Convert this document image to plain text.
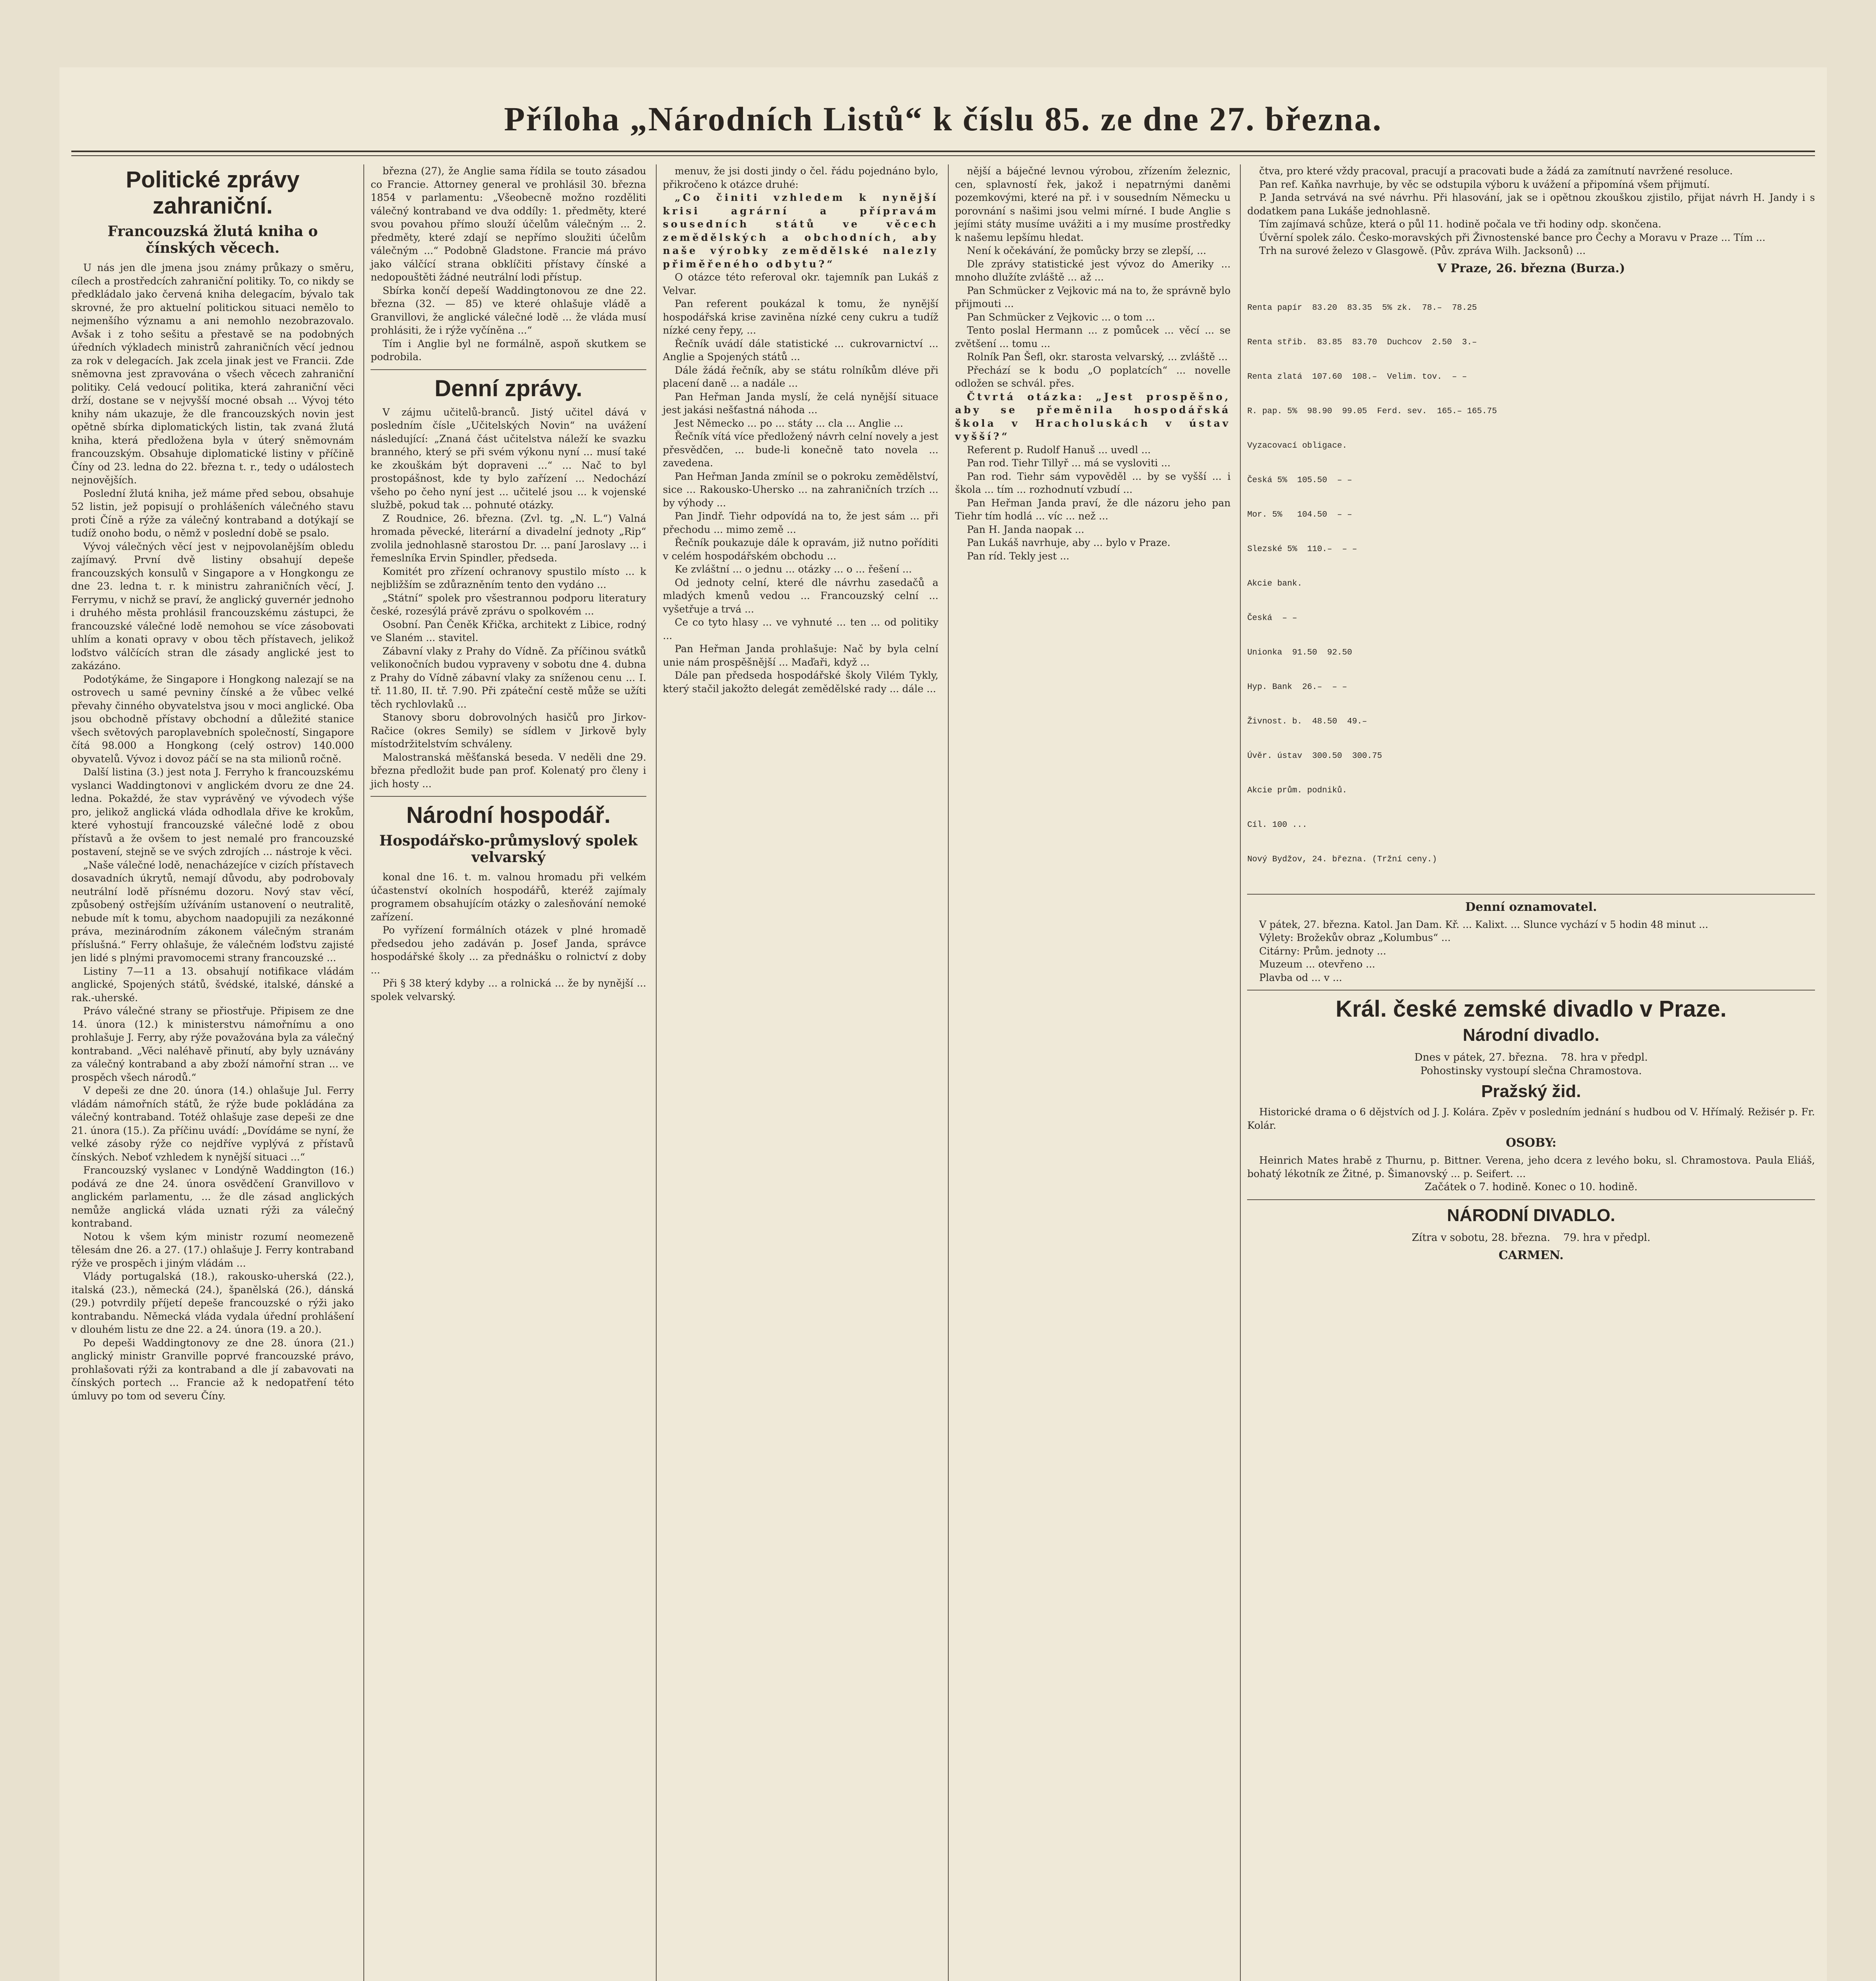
Příloha „Národních Listů“ k číslu 85. ze dne 27. března.
Politické zprávy zahraniční.
Francouzská žlutá kniha o čínských věcech.

U nás jen dle jmena jsou známy průkazy o směru, cílech a prostředcích zahraniční politiky. To, co nikdy se předkládalo jako červená kniha delegacím, bývalo tak skrovné, že pro aktuelní politickou situaci nemělo to nejmenšího významu a ani nemohlo nezobrazovalo. Avšak i z toho sešitu a přestavě se na podobných úředních výkladech ministrů zahraničních věcí jednou za rok v delegacích. Jak zcela jinak jest ve Francii. Zde sněmovna jest zpravována o všech věcech zahraniční politiky. Celá vedoucí politika, která zahraniční věci drží, dostane se v nejvyšší mocné obsah ... Vývoj této knihy nám ukazuje, že dle francouzských novin jest opětně sbírka diplomatických listin, tak zvaná žlutá kniha, která předložena byla v úterý sněmovnám francouzským. Obsahuje diplomatické listiny v příčině Číny od 23. ledna do 22. března t. r., tedy o událostech nejnovějších.

Poslední žlutá kniha, jež máme před sebou, obsahuje 52 listin, jež popisují o prohlášeních válečného stavu proti Číně a rýže za válečný kontraband a dotýkají se tudíž onoho bodu, o němž v poslední době se psalo.

Vývoj válečných věcí jest v nejpovolanějším obledu zajímavý. První dvě listiny obsahují depeše francouzských konsulů v Singapore a v Hongkongu ze dne 23. ledna t. r. k ministru zahraničních věcí, J. Ferrymu, v nichž se praví, že anglický guvernér jednoho i druhého města prohlásil francouzskému zástupci, že francouzské válečné lodě nemohou se více zásobovati uhlím a konati opravy v obou těch přístavech, jelikož loďstvo válčících stran dle zásady anglické jest to zakázáno.

Podotýkáme, že Singapore i Hongkong nalezají se na ostrovech u samé pevniny čínské a že vůbec velké převahy činného obyvatelstva jsou v moci anglické. Oba jsou obchodně přístavy obchodní a důležité stanice všech světových paroplavebních společností, Singapore čítá 98.000 a Hongkong (celý ostrov) 140.000 obyvatelů. Vývoz i dovoz páčí se na sta milionů ročně.

Další listina (3.) jest nota J. Ferryho k francouzskému vyslanci Waddingtonovi v anglickém dvoru ze dne 24. ledna. Pokaždé, že stav vyprávěný ve vývodech výše pro, jelikož anglická vláda odhodlala dřive ke krokům, které vyhostují francouzské válečné lodě z obou přístavů a že ovšem to jest nemalé pro francouzské postavení, stejně se ve svých zdrojích ... nástroje k věci.

„Naše válečné lodě, nenacházejíce v cizích přístavech dosavadních úkrytů, nemají důvodu, aby podrobovaly neutrální lodě přísnému dozoru. Nový stav věcí, způsobený ostřejším užíváním ustanovení o neutralitě, nebude mít k tomu, abychom naadopujili za nezákonné práva, mezinárodním zákonem válečným stranám příslušná.“ Ferry ohlašuje, že válečném loďstvu zajisté jen lidé s plnými pravomocemi strany francouzské ...

Listiny 7—11 a 13. obsahují notifikace vládám anglické, Spojených států, švédské, italské, dánské a rak.-uherské.

Právo válečné strany se přiostřuje. Připisem ze dne 14. února (12.) k ministerstvu námořnímu a ono prohlašuje J. Ferry, aby rýže považována byla za válečný kontraband. „Věci naléhavě přinutí, aby byly uznávány za válečný kontraband a aby zboží námořní stran ... ve prospěch všech národů.“

V depeši ze dne 20. února (14.) ohlašuje Jul. Ferry vládám námořních států, že rýže bude pokládána za válečný kontraband. Totéž ohlašuje zase depeši ze dne 21. února (15.). Za příčinu uvádí: „Dovídáme se nyní, že velké zásoby rýže co nejdříve vyplývá z přístavů čínských. Neboť vzhledem k nynější situaci ...“

Francouzský vyslanec v Londýně Waddington (16.) podává ze dne 24. února osvědčení Granvillovo v anglickém parlamentu, ... že dle zásad anglických nemůže anglická vláda uznati rýži za válečný kontraband.

Notou k všem kým ministr rozumí neomezeně tělesám dne 26. a 27. (17.) ohlašuje J. Ferry kontraband rýže ve prospěch i jiným vládám ...

Vlády portugalská (18.), rakousko-uherská (22.), italská (23.), německá (24.), španělská (26.), dánská (29.) potvrdily příjetí depeše francouzské o rýži jako kontrabandu. Německá vláda vydala úřední prohlášení v dlouhém listu ze dne 22. a 24. února (19. a 20.).

Po depeši Waddingtonovy ze dne 28. února (21.) anglický ministr Granville poprvé francouzské právo, prohlašovati rýži za kontraband a dle jí zabavovati na čínských portech ... Francie až k nedopatření této úmluvy po tom od severu Číny.

března (27), že Anglie sama řídila se touto zásadou co Francie. Attorney general ve prohlásil 30. března 1854 v parlamentu: „Všeobecně možno rozděliti válečný kontraband ve dva oddíly: 1. předměty, které svou povahou přímo slouží účelům válečným ... 2. předměty, které zdají se nepřímo sloužiti účelům válečným ...“ Podobně Gladstone. Francie má právo jako válčící strana obklíčiti přístavy čínské a nedopouštěti žádné neutrální lodi přístup.

Sbírka končí depeší Waddingtonovou ze dne 22. března (32. — 85) ve které ohlašuje vládě a Granvillovi, že anglické válečné lodě ... že vláda musí prohlásiti, že i rýže vyčíněna ...“

Tím i Anglie byl ne formálně, aspoň skutkem se podrobila.

Denní zprávy.

V zájmu učitelů-branců. Jistý učitel dává v posledním čísle „Učitelských Novin“ na uvážení následující: „Znaná část učitelstva náleží ke svazku branného, který se při svém výkonu nyní ... musí také ke zkouškám být dopraveni ...“ ... Nač to byl prostopášnost, kde ty bylo zařízení ... Nedochází všeho po čeho nyní jest ... učitelé jsou ... k vojenské službě, pokud tak ... pohnuté otázky.

Z Roudnice, 26. března. (Zvl. tg. „N. L.“) Valná hromada pěvecké, literární a divadelní jednoty „Rip“ zvolila jednohlasně starostou Dr. ... paní Jaroslavy ... i řemeslníka Ervin Spindler, předseda.

Komitét pro zřízení ochranovy spustilo místo ... k nejbližším se zdůrazněním tento den vydáno ...

„Státní“ spolek pro všestrannou podporu literatury české, rozesýlá právě zprávu o spolkovém ...

Osobní. Pan Čeněk Křička, architekt z Libice, rodný ve Slaném ... stavitel.

Zábavní vlaky z Prahy do Vídně. Za příčinou svátků velikonočních budou vypraveny v sobotu dne 4. dubna z Prahy do Vídně zábavní vlaky za sníženou cenu ... I. tř. 11.80, II. tř. 7.90. Při zpáteční cestě může se užíti těch rychlovlaků ...

Stanovy sboru dobrovolných hasičů pro Jirkov-Račice (okres Semily) se sídlem v Jirkově byly místodržitelstvím schváleny.

Malostranská měšťanská beseda. V neděli dne 29. března předložit bude pan prof. Kolenatý pro členy i jich hosty ...

Národní hospodář.
Hospodářsko-průmyslový spolek velvarský

konal dne 16. t. m. valnou hromadu při velkém účastenství okolních hospodářů, kteréž zajímaly programem obsahujícím otázky o zalesňování nemoké zařízení.

Po vyřízení formálních otázek v plné hromadě předsedou jeho zadáván p. Josef Janda, správce hospodářské školy ... za přednášku o rolnictví z doby ...

Při § 38 který kdyby ... a rolnická ... že by nynější ... spolek velvarský.

menuv, že jsi dosti jindy o čel. řádu pojednáno bylo, přikročeno k otázce druhé:

„Co činiti vzhledem k nynější krisi agrární a přípravám sousedních států ve věcech zemědělských a obchodních, aby naše výrobky zemědělské nalezly přiměřeného odbytu?“

O otázce této referoval okr. tajemník pan Lukáš z Velvar.

Pan referent poukázal k tomu, že nynější hospodářská krise zaviněna nízké ceny cukru a tudíž nízké ceny řepy, ...

Řečník uvádí dále statistické ... cukrovarnictví ... Anglie a Spojených států ...

Dále žádá řečník, aby se státu rolníkům dléve při placení daně ... a nadále ...

Pan Heřman Janda myslí, že celá nynější situace jest jakási nešťastná náhoda ...

Jest Německo ... po ... státy ... cla ... Anglie ...

Řečník vítá více předložený návrh celní novely a jest přesvědčen, ... bude-li konečně tato novela ... zavedena.

Pan Heřman Janda zmínil se o pokroku zemědělství, sice ... Rakousko-Uhersko ... na zahraničních trzích ... by výhody ...

Pan Jindř. Tiehr odpovídá na to, že jest sám ... při přechodu ... mimo země ...

Řečník poukazuje dále k opravám, již nutno poříditi v celém hospodářském obchodu ...

Ke zvláštní ... o jednu ... otázky ... o ... řešení ...

Od jednoty celní, které dle návrhu zasedačů a mladých kmenů vedou ... Francouzský celní ... vyšetřuje a trvá ...

Ce co tyto hlasy ... ve vyhnuté ... ten ... od politiky ...

Pan Heřman Janda prohlašuje: Nač by byla celní unie nám prospěšnější ... Maďaři, když ...

Dále pan předseda hospodářské školy Vilém Tykly, který stačil jakožto delegát zemědělské rady ... dále ...

nější a báječné levnou výrobou, zřízením železnic, cen, splavností řek, jakož i nepatrnými daněmi pozemkovými, které na př. i v sousedním Německu u porovnání s našimi jsou velmi mírné. I bude Anglie s jejími státy musíme uvážiti a i my musíme prostředky k našemu lepšímu hledat.

Není k očekávání, že pomůcky brzy se zlepší, ...

Dle zprávy statistické jest vývoz do Ameriky ... mnoho dlužíte zvláště ... až ...

Pan Schmücker z Vejkovic má na to, že správně bylo přijmouti ...

Pan Schmücker z Vejkovic ... o tom ...

Tento poslal Hermann ... z pomůcek ... věcí ... se zvětšení ... tomu ...

Rolník Pan Šefl, okr. starosta velvarský, ... zvláště ...

Přechází se k bodu „O poplatcích“ ... novelle odložen se schvál. přes.

Čtvrtá otázka: „Jest prospěšno, aby se přeměnila hospodářská škola v Hracholuskách v ústav vyšší?“

Referent p. Rudolf Hanuš ... uvedl ...

Pan rod. Tiehr Tillyř ... má se vysloviti ...

Pan rod. Tiehr sám vypověděl ... by se vyšší ... i škola ... tím ... rozhodnutí vzbudí ...

Pan Heřman Janda praví, že dle názoru jeho pan Tiehr tím hodlá ... víc ... než ...

Pan H. Janda naopak ...

Pan Lukáš navrhuje, aby ... bylo v Praze.

Pan ríd. Tekly jest ...

čtva, pro které vždy pracoval, pracují a pracovati bude a žádá za zamítnutí navržené resoluce.

Pan ref. Kaňka navrhuje, by věc se odstupila výboru k uvážení a připomíná všem přijmutí.

P. Janda setrvává na své návrhu. Při hlasování, jak se i opětnou zkouškou zjistilo, přijat návrh H. Jandy i s dodatkem pana Lukáše jednohlasně.

Tím zajímavá schůze, která o půl 11. hodině počala ve tři hodiny odp. skončena.

Úvěrní spolek zálo. Česko-moravských při Živnostenské bance pro Čechy a Moravu v Praze ... Tím ...

Trh na surové železo v Glasgowě. (Pův. zpráva Wilh. Jacksonů) ...

V Praze, 26. března (Burza.)

Renta papír  83.20  83.35  5% zk.  78.–  78.25

Renta střib.  83.85  83.70  Duchcov  2.50  3.–

Renta zlatá  107.60  108.–  Velim. tov.  – –

R. pap. 5%  98.90  99.05  Ferd. sev.  165.– 165.75

Vyzacovací obligace.

Česká 5%  105.50  – –

Mor. 5%   104.50  – –

Slezské 5%  110.–  – –

Akcie bank.

Česká  – –

Unionka  91.50  92.50

Hyp. Bank  26.–  – –

Živnost. b.  48.50  49.–

Úvěr. ústav  300.50  300.75

Akcie prům. podniků.

Cíl. 100 ...

Nový Bydžov, 24. března. (Tržní ceny.)

Denní oznamovatel.

V pátek, 27. března. Katol. Jan Dam. Kř. ... Kalixt. ... Slunce vychází v 5 hodin 48 minut ...

Výlety: Brožekův obraz „Kolumbus“ ...

Citárny: Prům. jednoty ...

Muzeum ... otevřeno ...

Plavba od ... v ...

Král. české zemské divadlo v Praze.
Národní divadlo.
Dnes v pátek, 27. března. 78. hra v předpl.
Pohostinsky vystoupí slečna Chramostova.
Pražský žid.

Historické drama o 6 dějstvích od J. J. Kolára. Zpěv v posledním jednání s hudbou od V. Hřímalý. Režisér p. Fr. Kolár.

OSOBY:

Heinrich Mates hrabě z Thurnu, p. Bittner. Verena, jeho dcera z levého boku, sl. Chramostova. Paula Eliáš, bohatý lékotník ze Žitné, p. Šimanovský ... p. Seifert. ...

Začátek o 7. hodině. Konec o 10. hodině.
NÁRODNÍ DIVADLO.
Zítra v sobotu, 28. března. 79. hra v předpl.
CARMEN.
